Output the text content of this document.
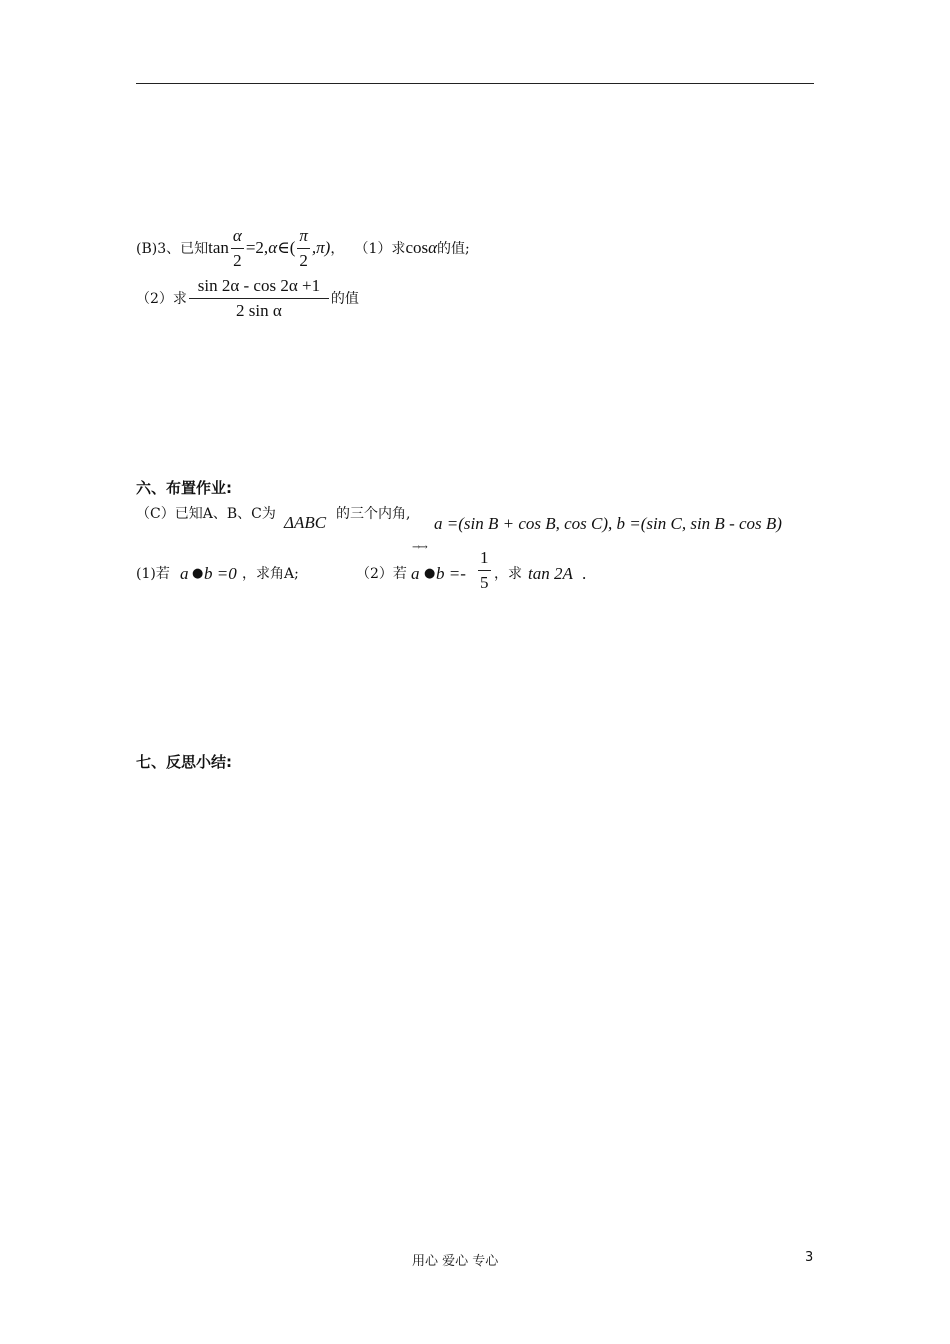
(B)3、已知$\tan \frac{\alpha}{2}$ =2,α∈( $\frac{\pi}{2} ,\pi$)， （1）求cosα的值;
（2）求 $\frac{\sin 2\alpha - \cos 2\alpha +1}{\text{2 sin α}}$ 的值
六、布置作业:
（C）已知A、B、C为 ΔABC 的三个内角, a =(sin B + cos B, cos C), b =(sin C, sin B - cos B)
(1)若 a ● b =0 ，求角A;	（2）若
→→
a ● $b =- \frac{1}{5}$ ，求 tan 2A .
七、反思小结:
用心 爱心 专心	3
